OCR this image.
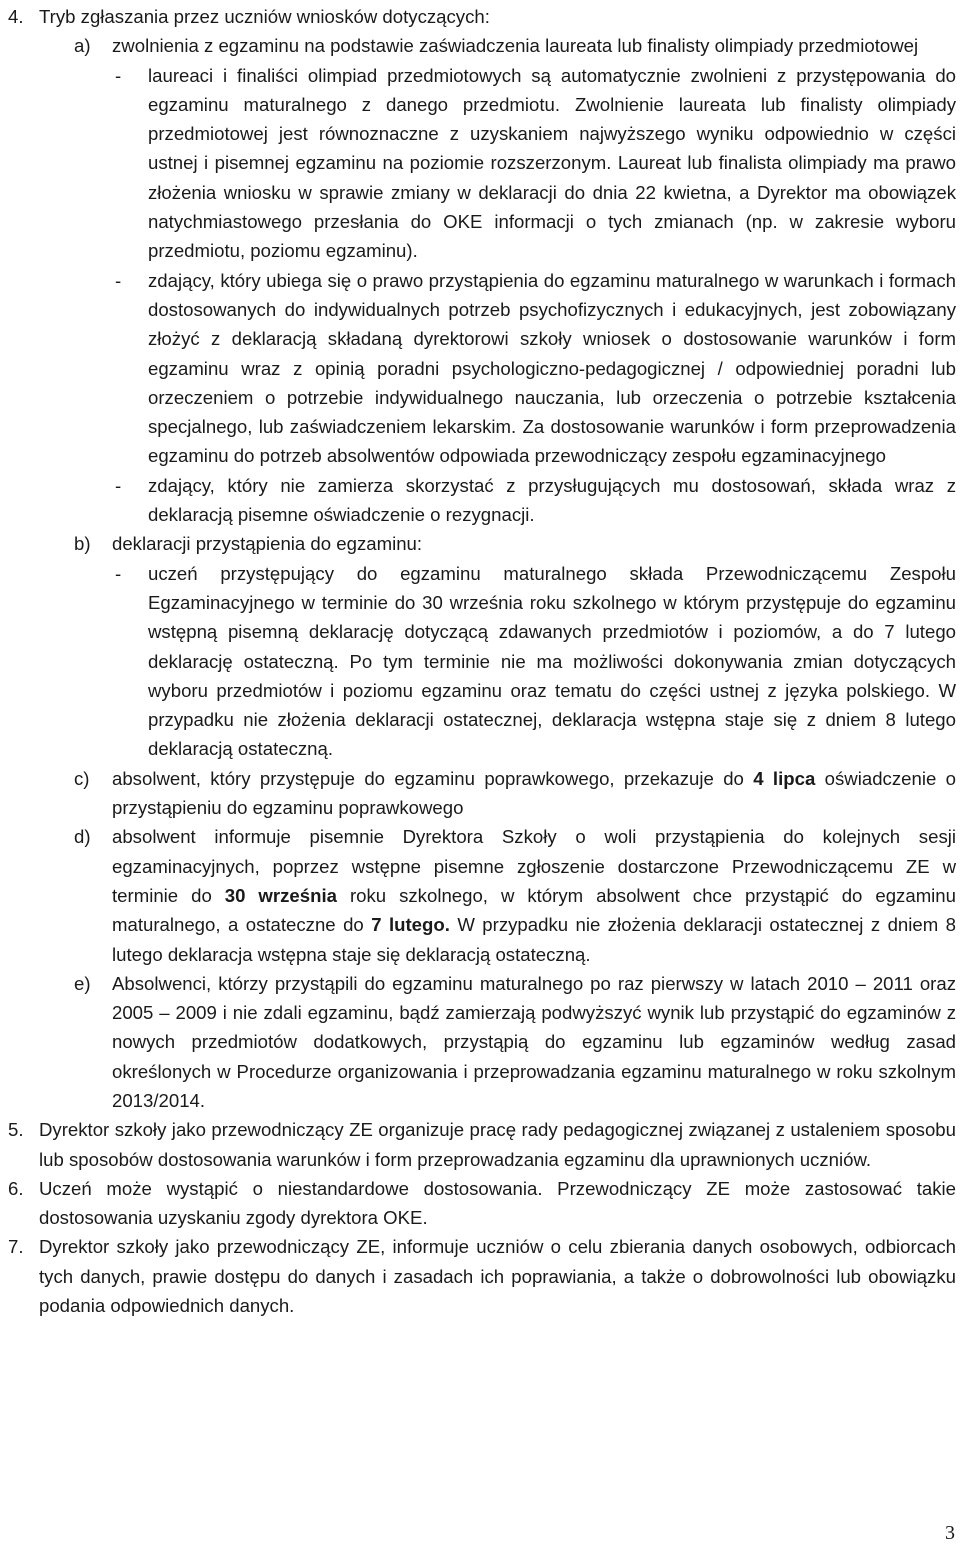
4. Tryb zgłaszania przez uczniów wniosków dotyczących:
a) zwolnienia z egzaminu na podstawie zaświadczenia laureata lub finalisty olimpiady przedmiotowej
- laureaci i finaliści olimpiad przedmiotowych są automatycznie zwolnieni z przystępowania do egzaminu maturalnego z danego przedmiotu. Zwolnienie laureata lub finalisty olimpiady przedmiotowej jest równoznaczne z uzyskaniem najwyższego wyniku odpowiednio w części ustnej i pisemnej egzaminu na poziomie rozszerzonym. Laureat lub finalista olimpiady ma prawo złożenia wniosku w sprawie zmiany w deklaracji do dnia 22 kwietna, a Dyrektor ma obowiązek natychmiastowego przesłania do OKE informacji o tych zmianach (np. w zakresie wyboru przedmiotu, poziomu egzaminu).
- zdający, który ubiega się o prawo przystąpienia do egzaminu maturalnego w warunkach i formach dostosowanych do indywidualnych potrzeb psychofizycznych i edukacyjnych, jest zobowiązany złożyć z deklaracją składaną dyrektorowi szkoły wniosek o dostosowanie warunków i form egzaminu wraz z opinią poradni psychologiczno-pedagogicznej / odpowiedniej poradni lub orzeczeniem o potrzebie indywidualnego nauczania, lub orzeczenia o potrzebie kształcenia specjalnego, lub zaświadczeniem lekarskim. Za dostosowanie warunków i form przeprowadzenia egzaminu do potrzeb absolwentów odpowiada przewodniczący zespołu egzaminacyjnego
- zdający, który nie zamierza skorzystać z przysługujących mu dostosowań, składa wraz z deklaracją pisemne oświadczenie o rezygnacji.
b) deklaracji przystąpienia do egzaminu:
- uczeń przystępujący do egzaminu maturalnego składa Przewodniczącemu Zespołu Egzaminacyjnego w terminie do 30 września roku szkolnego w którym przystępuje do egzaminu wstępną pisemną deklarację dotyczącą zdawanych przedmiotów i poziomów, a do 7 lutego deklarację ostateczną. Po tym terminie nie ma możliwości dokonywania zmian dotyczących wyboru przedmiotów i poziomu egzaminu oraz tematu do części ustnej z języka polskiego. W przypadku nie złożenia deklaracji ostatecznej, deklaracja wstępna staje się z dniem 8 lutego deklaracją ostateczną.
c) absolwent, który przystępuje do egzaminu poprawkowego, przekazuje do 4 lipca oświadczenie o przystąpieniu do egzaminu poprawkowego
d) absolwent informuje pisemnie Dyrektora Szkoły o woli przystąpienia do kolejnych sesji egzaminacyjnych, poprzez wstępne pisemne zgłoszenie dostarczone Przewodniczącemu ZE w terminie do 30 września roku szkolnego, w którym absolwent chce przystąpić do egzaminu maturalnego, a ostateczne do 7 lutego. W przypadku nie złożenia deklaracji ostatecznej z dniem 8 lutego deklaracja wstępna staje się deklaracją ostateczną.
e) Absolwenci, którzy przystąpili do egzaminu maturalnego po raz pierwszy w latach 2010 – 2011 oraz 2005 – 2009 i nie zdali egzaminu, bądź zamierzają podwyższyć wynik lub przystąpić do egzaminów z nowych przedmiotów dodatkowych, przystąpią do egzaminu lub egzaminów według zasad określonych w Procedurze organizowania i przeprowadzania egzaminu maturalnego w roku szkolnym 2013/2014.
5. Dyrektor szkoły jako przewodniczący ZE organizuje pracę rady pedagogicznej związanej z ustaleniem sposobu lub sposobów dostosowania warunków i form przeprowadzania egzaminu dla uprawnionych uczniów.
6. Uczeń może wystąpić o niestandardowe dostosowania. Przewodniczący ZE może zastosować takie dostosowania uzyskaniu zgody dyrektora OKE.
7. Dyrektor szkoły jako przewodniczący ZE, informuje uczniów o celu zbierania danych osobowych, odbiorcach tych danych, prawie dostępu do danych i zasadach ich poprawiania, a także o dobrowolności lub obowiązku podania odpowiednich danych.
3
